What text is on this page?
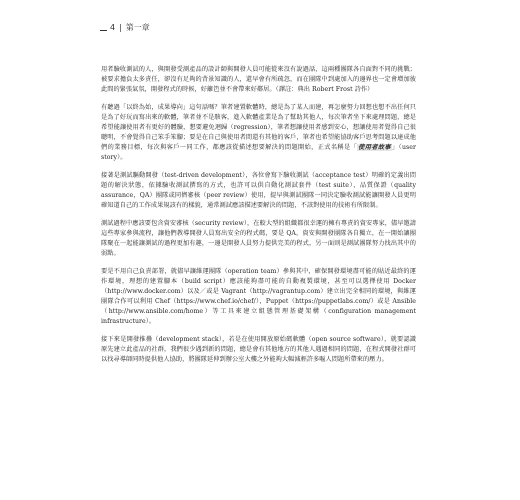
4 | 第一章

用者驗收測試的人，與開發受測產品的設計師與開發人員可能從來沒有說過話，這兩種團隊各自面對不同的挑戰；被要求擔負太多責任，卻沒有足夠的背景知識的人，還早會有所疏忽，而在團隊中到處加入的邊界也一定會增加彼此間的緊張氣氛，開發程式的時候，好籬笆並不會帶來好鄰居。（譯註：典出 Robert Frost 詩作）

有聽過「以終為始，成果導向」這句話嗎？筆者建置軟體時，總是為了某人而建，再怎麼努力回想也想不出任何只是為了好玩而寫出來的軟體，筆者並不是駭客，進入軟體產業是為了幫助其他人，每次筆者坐下來處理問題，總是希望能讓使用者有更好的體驗，想要避免迴歸（regression），筆者想讓使用者感到安心，想讓使用者覺得自己很聰明，不會覺得自己笨手笨腳；要是在自己與使用者間還有其他的客戶，筆者也希望能協助客戶思考問題以達成他們的業務目標，每次與客戶一同工作，都應該從描述想要解決的問題開始，正式名稱是「使用者故事」（user story）。

接著是測試驅動開發（test-driven development），各位會寫下驗收測試（acceptance test）明確的定義出問題的解決狀態，依據驗收測試撰寫的方式，也許可以供自動化測試套件（test suite），品質保證（quality assurance，QA）團隊或同儕審核（peer review）使用，提早與測試團隊一同決定驗收測試能讓開發人員更明確知道自己的工作成果規該有的樣貌，通常測試應該描述要解決的問題，不該對使用的技術有所限制。

測試過程中應該要包含資安審核（security review），在較大型的組織都很幸運的擁有專責的資安專家，儘早邀請這些專家參與流程，讓他們教導開發人員寫出安全的程式碼，要是 QA，資安與開發團隊各自獨立，在一開始讓團隊聚在一起能讓測試的過程更加有趣，一邊是開發人員努力提供完美的程式，另一面則是測試團隊努力找出其中的弱點。

要是不用自己負責部署，就儘早讓維運團隊（operation team）參與其中，確保開發環境盡可能的貼近最終的運作環境，理想的建置腳本（build script）應該能夠盡可能的自動複製環境，甚至可以選擇使用 Docker（http://www.docker.com）以及／或是 Vagrant（http://vagrantup.com）建立出完全相同的環境，與維運團隊合作可以利用 Chef（https://www.chef.io/chef/），Puppet（https://puppetlabs.com/）或是 Ansible（http://www.ansible.com/home）等工具來建立組態管理基礎架構（configuration management infrastructure）。

接下來是開發推疊（development stack），若是在使用開放原始碼軟體（open source software），就要認識原先建立此產品的社群，我們很少遇到新的問題，總是會有其他地方的其他人遇過相同的問題，在程式開發社群可以找尋導師同時提供他人協助，將團隊延伸到辦公室大樓之外能夠大幅減輕許多嘔人問題所帶來的壓力。
